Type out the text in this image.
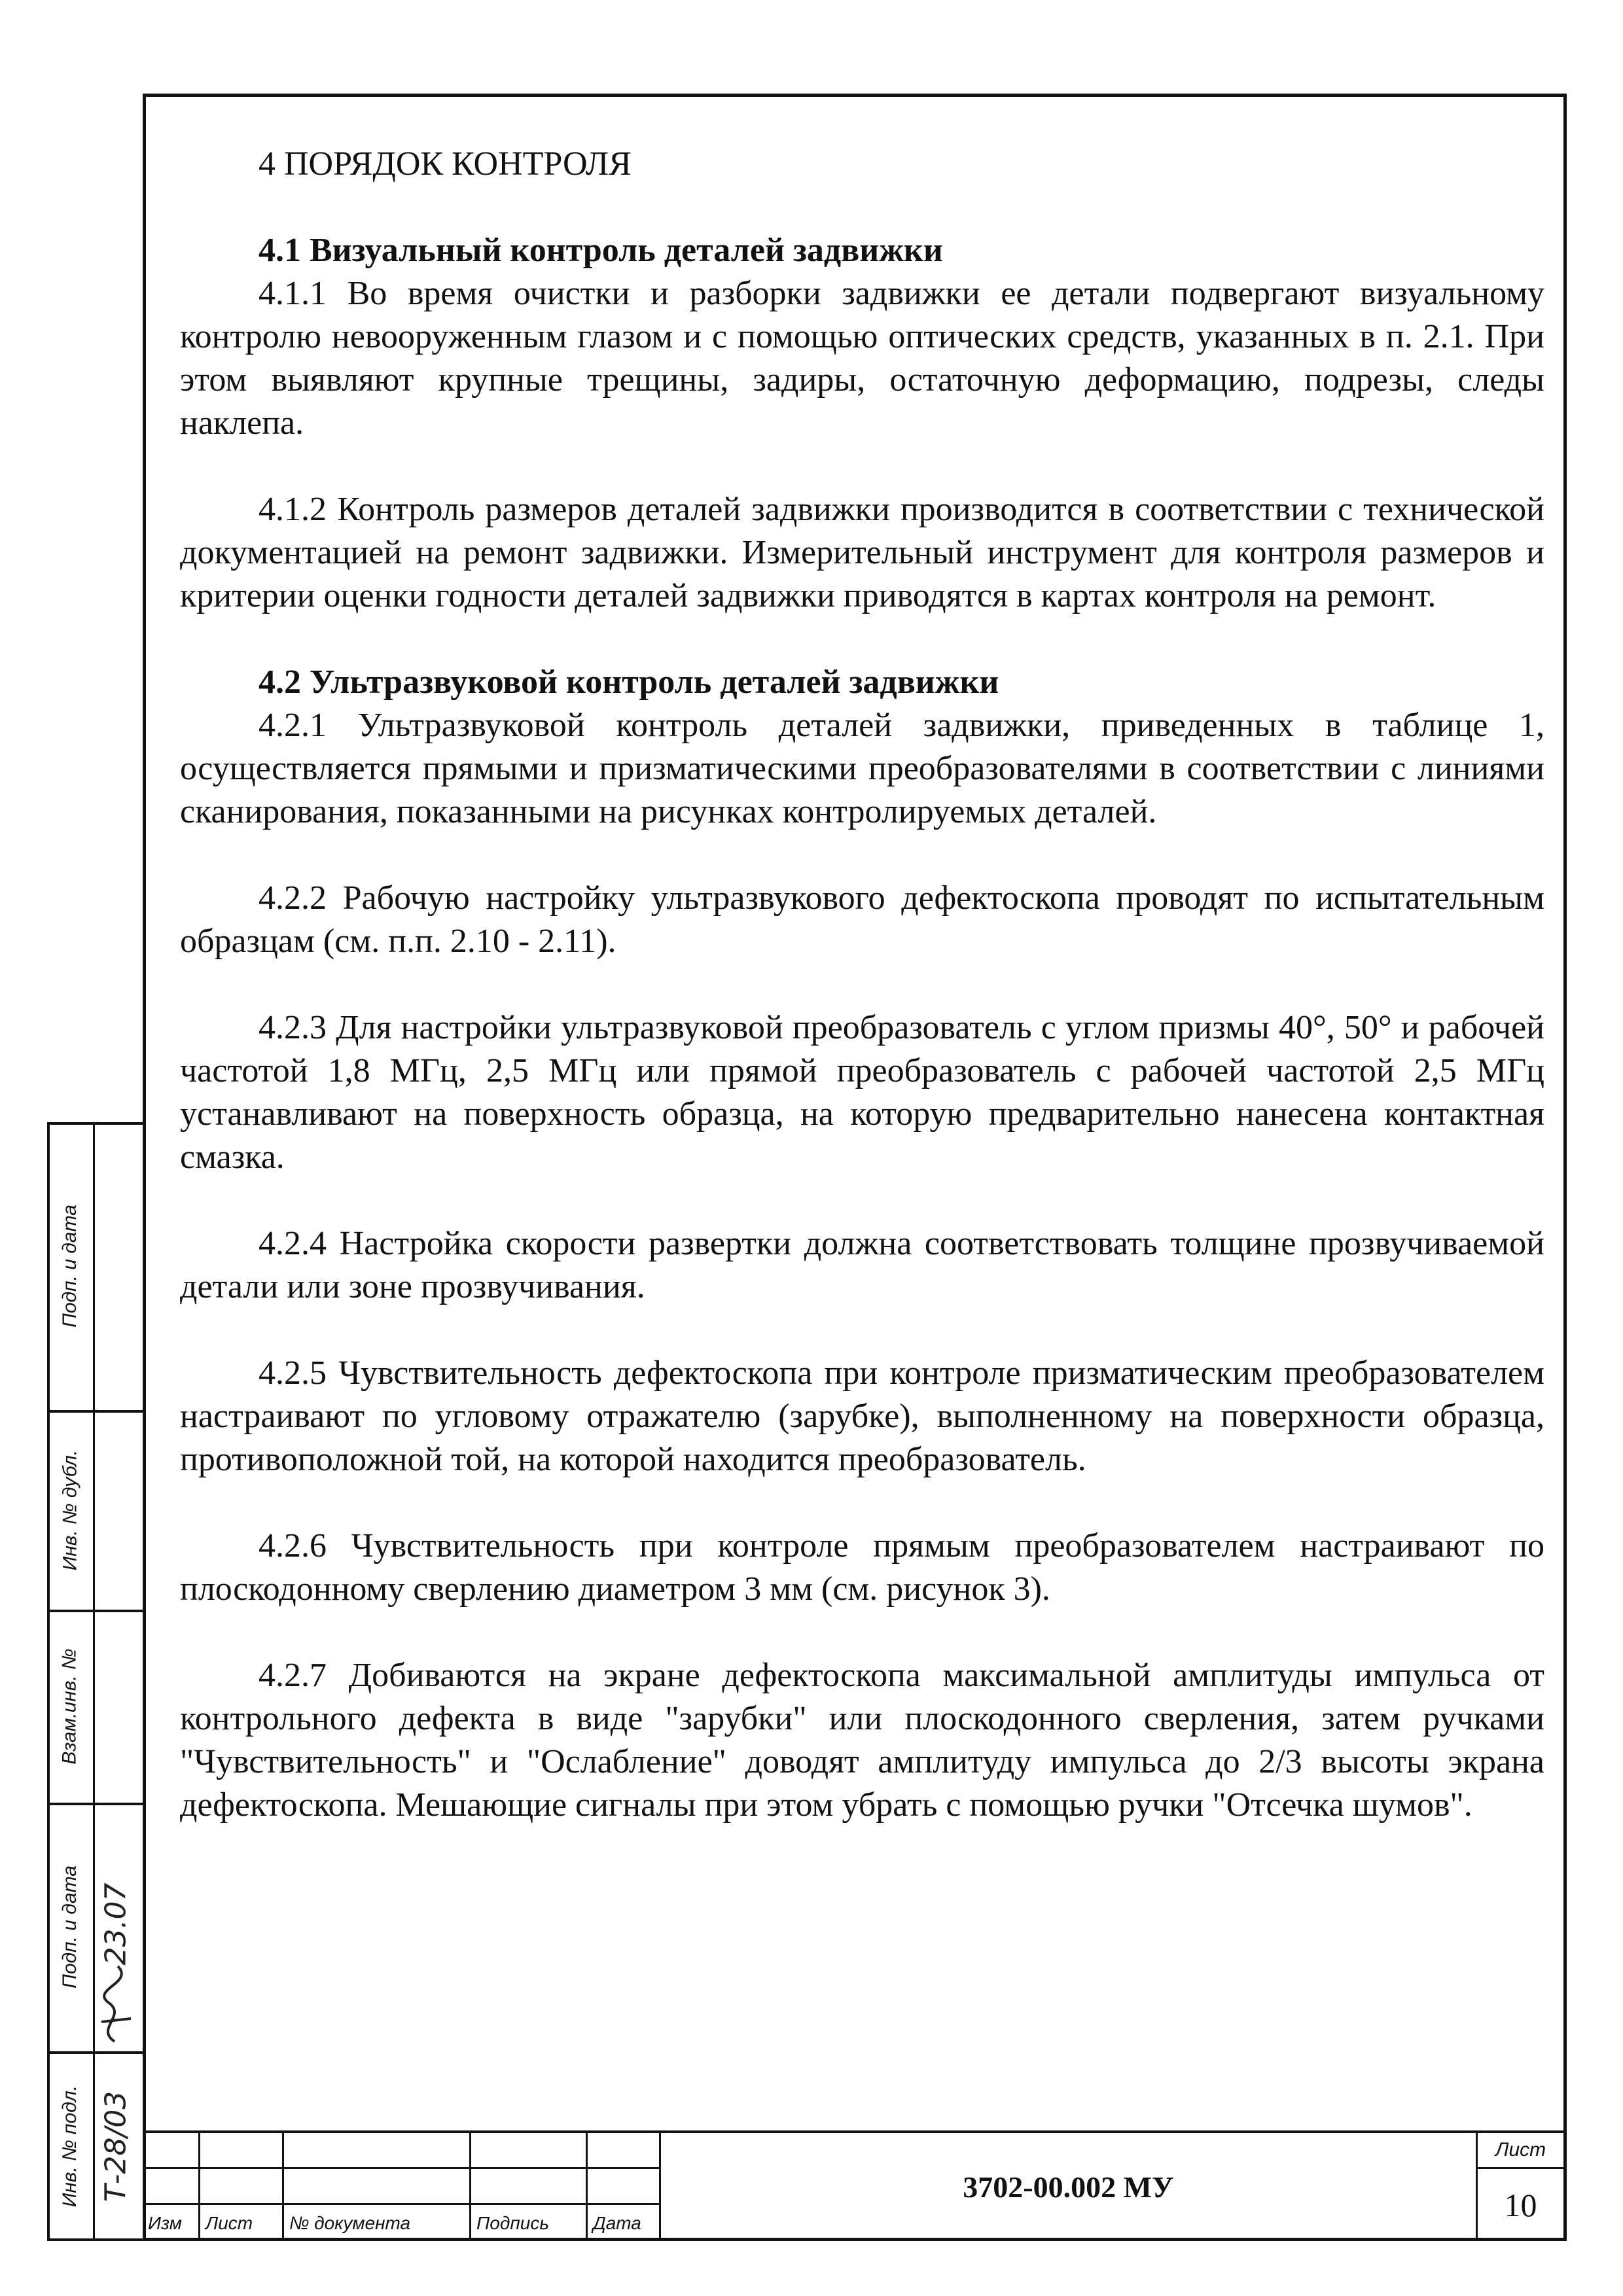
4 ПОРЯДОК КОНТРОЛЯ

4.1 Визуальный контроль деталей задвижки

4.1.1 Во время очистки и разборки задвижки ее детали подвергают визуальному контролю невооруженным глазом и с помощью оптических средств, указанных в п. 2.1. При этом выявляют крупные трещины, задиры, остаточную деформацию, подрезы, следы наклепа.

4.1.2 Контроль размеров деталей задвижки производится в соответствии с технической документацией на ремонт задвижки. Измерительный инструмент для контроля размеров и критерии оценки годности деталей задвижки приводятся в картах контроля на ремонт.

4.2 Ультразвуковой контроль деталей задвижки

4.2.1 Ультразвуковой контроль деталей задвижки, приведенных в таблице 1, осуществляется прямыми и призматическими преобразователями в соответствии с линиями сканирования, показанными на рисунках контролируемых деталей.

4.2.2 Рабочую настройку ультразвукового дефектоскопа проводят по испытательным образцам (см. п.п. 2.10 - 2.11).

4.2.3 Для настройки ультразвуковой преобразователь с углом призмы 40°, 50° и рабочей частотой 1,8 МГц, 2,5 МГц или прямой преобразователь с рабочей частотой 2,5 МГц устанавливают на поверхность образца, на которую предварительно нанесена контактная смазка.

4.2.4 Настройка скорости развертки должна соответствовать толщине прозвучиваемой детали или зоне прозвучивания.

4.2.5 Чувствительность дефектоскопа при контроле призматическим преобразователем настраивают по угловому отражателю (зарубке), выполненному на поверхности образца, противоположной той, на которой находится преобразователь.

4.2.6 Чувствительность при контроле прямым преобразователем настраивают по плоскодонному сверлению диаметром 3 мм (см. рисунок 3).

4.2.7 Добиваются на экране дефектоскопа максимальной амплитуды импульса от контрольного дефекта в виде "зарубки" или плоскодонного сверления, затем ручками "Чувствительность" и "Ослабление" доводят амплитуду импульса до 2/3 высоты экрана дефектоскопа. Мешающие сигналы при этом убрать с помощью ручки "Отсечка шумов".

Подп. и дата
Инв. № дубл.
Взам.инв. №
Подп. и дата
Инв. № подл.
23.07
Т-28/03
Изм	Лист	№ документа	Подпись	Дата
3702-00.002 МУ
Лист
10
